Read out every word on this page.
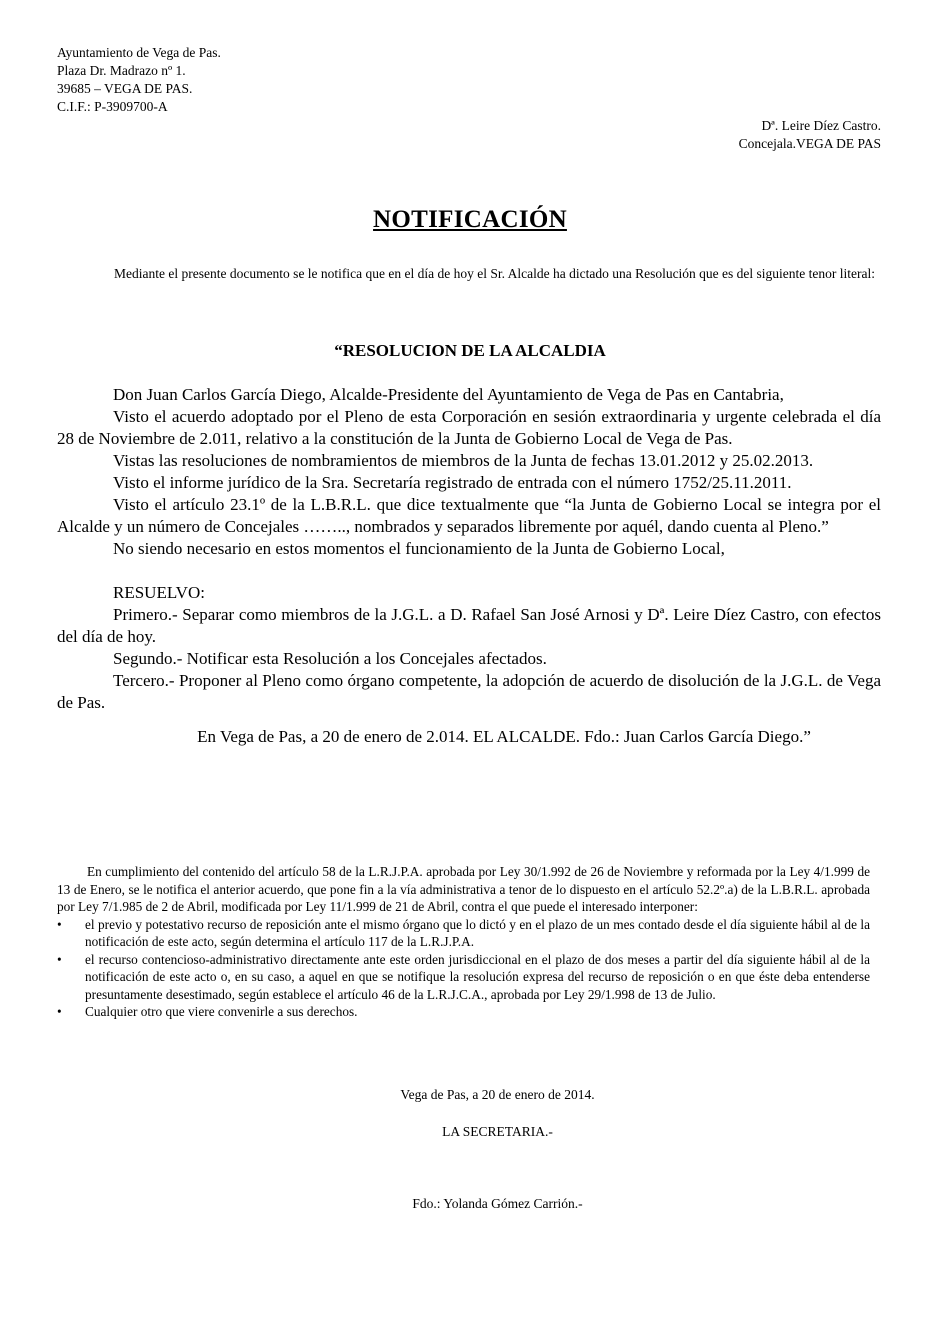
Ayuntamiento de Vega de Pas.
Plaza Dr. Madrazo nº 1.
39685 – VEGA DE PAS.
C.I.F.: P-3909700-A
Dª. Leire Díez Castro.
Concejala.VEGA DE PAS
NOTIFICACIÓN

Mediante el presente documento se le notifica que en el día de hoy el Sr. Alcalde ha dictado una Resolución que es del siguiente tenor literal:

“RESOLUCION DE LA ALCALDIA

Don Juan Carlos García Diego, Alcalde-Presidente del Ayuntamiento de Vega de Pas en Cantabria,

Visto el acuerdo adoptado por el Pleno de esta Corporación en sesión extraordinaria y urgente celebrada el día 28 de Noviembre de 2.011, relativo a la constitución de la Junta de Gobierno Local de Vega de Pas.

Vistas las resoluciones de nombramientos de miembros de la Junta de fechas 13.01.2012 y 25.02.2013.

Visto el informe jurídico de la Sra. Secretaría registrado de entrada con el número 1752/25.11.2011.

Visto el artículo 23.1º de la L.B.R.L. que dice textualmente que “la Junta de Gobierno Local se integra por el Alcalde y un número de Concejales …….., nombrados y separados libremente por aquél, dando cuenta al Pleno.”

No siendo necesario en estos momentos el funcionamiento de la Junta de Gobierno Local,

RESUELVO:

Primero.- Separar como miembros de la J.G.L. a D. Rafael San José Arnosi y Dª. Leire Díez Castro, con efectos del día de hoy.

Segundo.- Notificar esta Resolución a los Concejales afectados.

Tercero.- Proponer al Pleno como órgano competente, la adopción de acuerdo de disolución de la J.G.L. de Vega de Pas.

En Vega de Pas, a 20 de enero de 2.014. EL ALCALDE. Fdo.: Juan Carlos García Diego.”

En cumplimiento del contenido del artículo 58 de la L.R.J.P.A. aprobada por Ley 30/1.992 de 26 de Noviembre y reformada por la Ley 4/1.999 de 13 de Enero, se le notifica el anterior acuerdo, que pone fin a la vía administrativa a tenor de lo dispuesto en el artículo 52.2º.a) de la L.B.R.L. aprobada por Ley 7/1.985 de 2 de Abril, modificada por Ley 11/1.999 de 21 de Abril, contra el que puede el interesado interponer:

•	el previo y potestativo recurso de reposición ante el mismo órgano que lo dictó y en el plazo de un mes contado desde el día siguiente hábil al de la notificación de este acto, según determina el artículo 117 de la L.R.J.P.A.
•	el recurso contencioso-administrativo directamente ante este orden jurisdiccional en el plazo de dos meses a partir del día siguiente hábil al de la notificación de este acto o, en su caso, a aquel en que se notifique la resolución expresa del recurso de reposición o en que éste deba entenderse presuntamente desestimado, según establece el artículo 46 de la L.R.J.C.A., aprobada por Ley 29/1.998 de 13 de Julio.
•	Cualquier otro que viere convenirle a sus derechos.
Vega de Pas, a 20 de enero de 2014.
LA SECRETARIA.-
Fdo.: Yolanda Gómez Carrión.-
